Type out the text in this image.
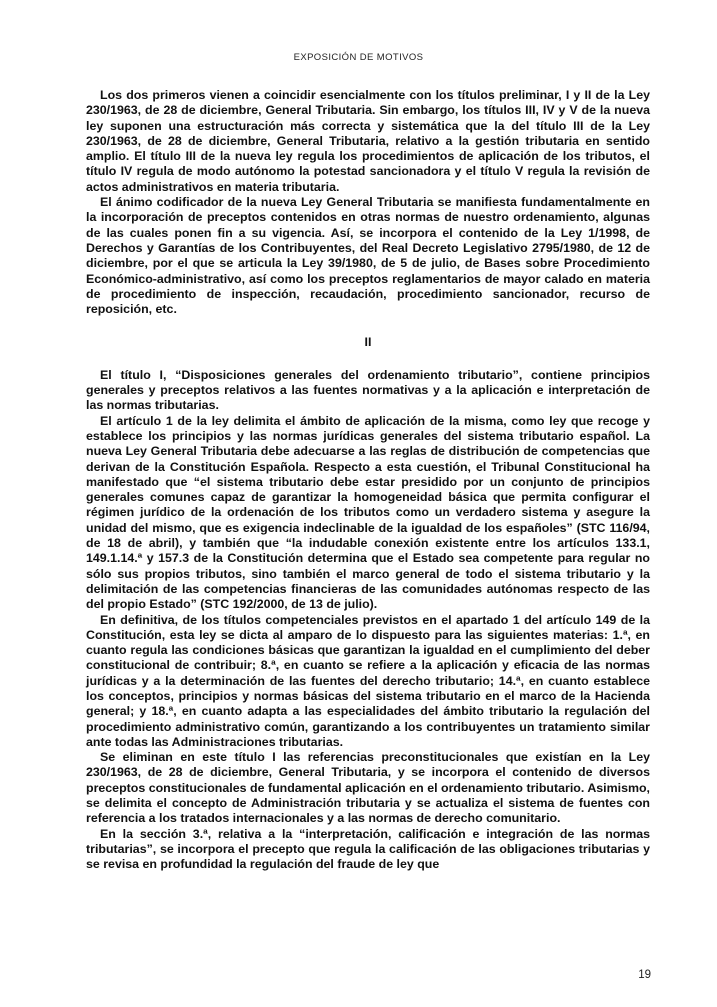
EXPOSICIÓN DE MOTIVOS

Los dos primeros vienen a coincidir esencialmente con los títulos preliminar, I y II de la Ley 230/1963, de 28 de diciembre, General Tributaria. Sin embargo, los títulos III, IV y V de la nueva ley suponen una estructuración más correcta y sistemática que la del título III de la Ley 230/1963, de 28 de diciembre, General Tributaria, relativo a la gestión tributaria en sentido amplio. El título III de la nueva ley regula los procedimientos de aplicación de los tributos, el título IV regula de modo autónomo la potestad sancionadora y el título V regula la revisión de actos administrativos en materia tributaria.

El ánimo codificador de la nueva Ley General Tributaria se manifiesta fundamentalmente en la incorporación de preceptos contenidos en otras normas de nuestro ordenamiento, algunas de las cuales ponen fin a su vigencia. Así, se incorpora el contenido de la Ley 1/1998, de Derechos y Garantías de los Contribuyentes, del Real Decreto Legislativo 2795/1980, de 12 de diciembre, por el que se articula la Ley 39/1980, de 5 de julio, de Bases sobre Procedimiento Económico-administrativo, así como los preceptos reglamentarios de mayor calado en materia de procedimiento de inspección, recaudación, procedimiento sancionador, recurso de reposición, etc.

II

El título I, “Disposiciones generales del ordenamiento tributario”, contiene principios generales y preceptos relativos a las fuentes normativas y a la aplicación e interpretación de las normas tributarias.

El artículo 1 de la ley delimita el ámbito de aplicación de la misma, como ley que recoge y establece los principios y las normas jurídicas generales del sistema tributario español. La nueva Ley General Tributaria debe adecuarse a las reglas de distribución de competencias que derivan de la Constitución Española. Respecto a esta cuestión, el Tribunal Constitucional ha manifestado que “el sistema tributario debe estar presidido por un conjunto de principios generales comunes capaz de garantizar la homogeneidad básica que permita configurar el régimen jurídico de la ordenación de los tributos como un verdadero sistema y asegure la unidad del mismo, que es exigencia indeclinable de la igualdad de los españoles” (STC 116/94, de 18 de abril), y también que “la indudable conexión existente entre los artículos 133.1, 149.1.14.ª y 157.3 de la Constitución determina que el Estado sea competente para regular no sólo sus propios tributos, sino también el marco general de todo el sistema tributario y la delimitación de las competencias financieras de las comunidades autónomas respecto de las del propio Estado” (STC 192/2000, de 13 de julio).

En definitiva, de los títulos competenciales previstos en el apartado 1 del artículo 149 de la Constitución, esta ley se dicta al amparo de lo dispuesto para las siguientes materias: 1.ª, en cuanto regula las condiciones básicas que garantizan la igualdad en el cumplimiento del deber constitucional de contribuir; 8.ª, en cuanto se refiere a la aplicación y eficacia de las normas jurídicas y a la determinación de las fuentes del derecho tributario; 14.ª, en cuanto establece los conceptos, principios y normas básicas del sistema tributario en el marco de la Hacienda general; y 18.ª, en cuanto adapta a las especialidades del ámbito tributario la regulación del procedimiento administrativo común, garantizando a los contribuyentes un tratamiento similar ante todas las Administraciones tributarias.

Se eliminan en este título I las referencias preconstitucionales que existían en la Ley 230/1963, de 28 de diciembre, General Tributaria, y se incorpora el contenido de diversos preceptos constitucionales de fundamental aplicación en el ordenamiento tributario. Asimismo, se delimita el concepto de Administración tributaria y se actualiza el sistema de fuentes con referencia a los tratados internacionales y a las normas de derecho comunitario.

En la sección 3.ª, relativa a la “interpretación, calificación e integración de las normas tributarias”, se incorpora el precepto que regula la calificación de las obligaciones tributarias y se revisa en profundidad la regulación del fraude de ley que

19
